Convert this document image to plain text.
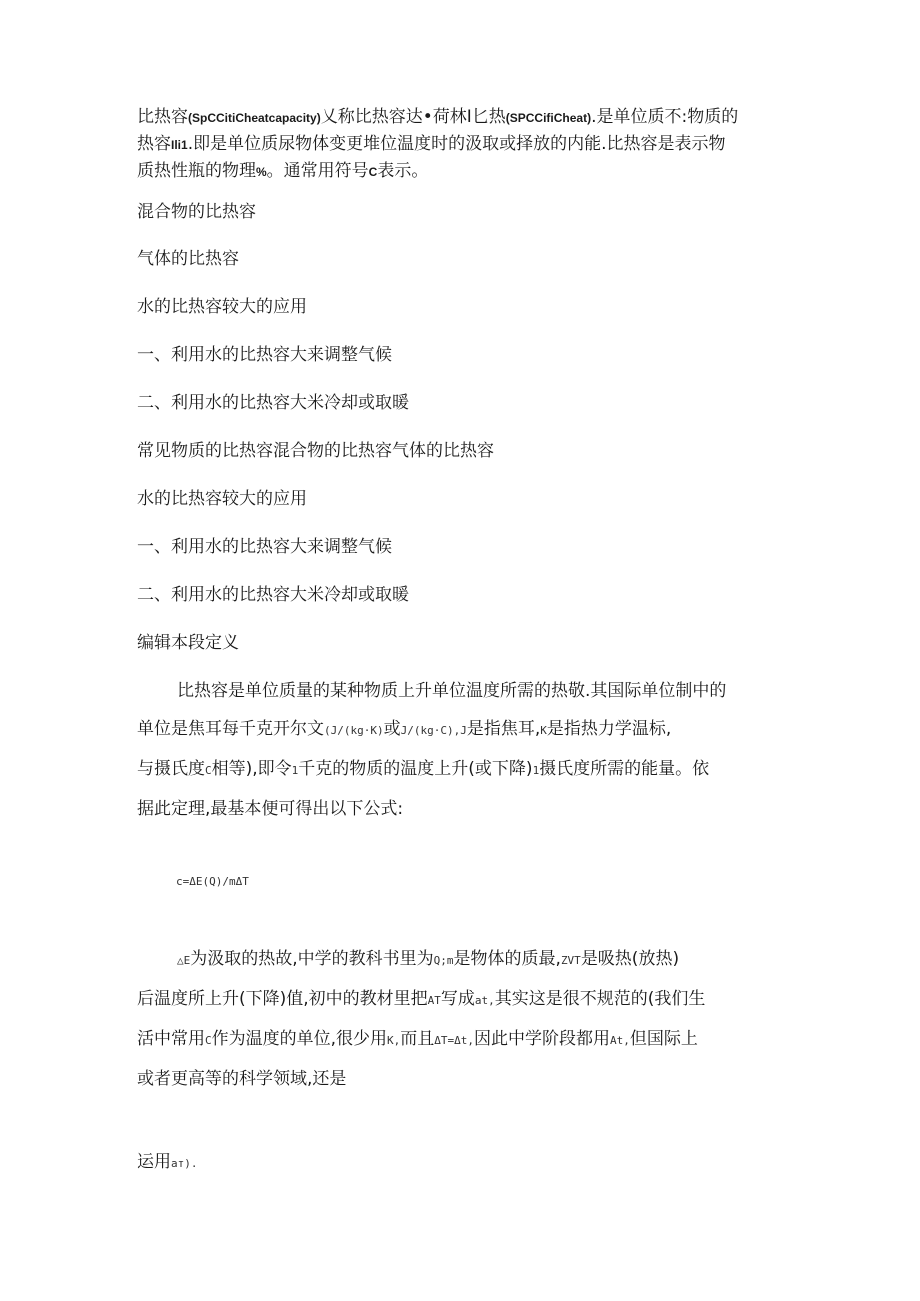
比热容(SpCCitiCheatcapacity)乂称比热容达•荷林I匕热(SPCCifiCheat).是单位质不:物质的
热容Ili1.即是单位质尿物体变更堆位温度时的汲取或择放的内能.比热容是表示物
质热性瓶的物理%。通常用符号C表示。
混合物的比热容
气体的比热容
水的比热容较大的应用
一、利用水的比热容大来调整气候
二、利用水的比热容大米冷却或取暖
常见物质的比热容混合物的比热容气体的比热容
水的比热容较大的应用
一、利用水的比热容大来调整气候
二、利用水的比热容大米冷却或取暖
编辑本段定义
比热容是单位质量的某种物质上升单位温度所需的热敬.其国际单位制中的
单位是焦耳每千克开尔文(J/(kg·K)或J/(kg·C),J是指焦耳,K是指热力学温标,
与摄氏度C相等),即令1千克的物质的温度上升(或下降)1摄氏度所需的能量。依
据此定理,最基本便可得出以下公式:
c=ΔE(Q)/mΔT
△E为汲取的热故,中学的教科书里为Q;m是物体的质最,ZVT是吸热(放热)
后温度所上升(下降)值,初中的教材里把AT写成at,其实这是很不规范的(我们生
活中常用C作为温度的单位,很少用K,而且ΔT=Δt,因此中学阶段都用At,但国际上
或者更高等的科学领域,还是
运用aт).
